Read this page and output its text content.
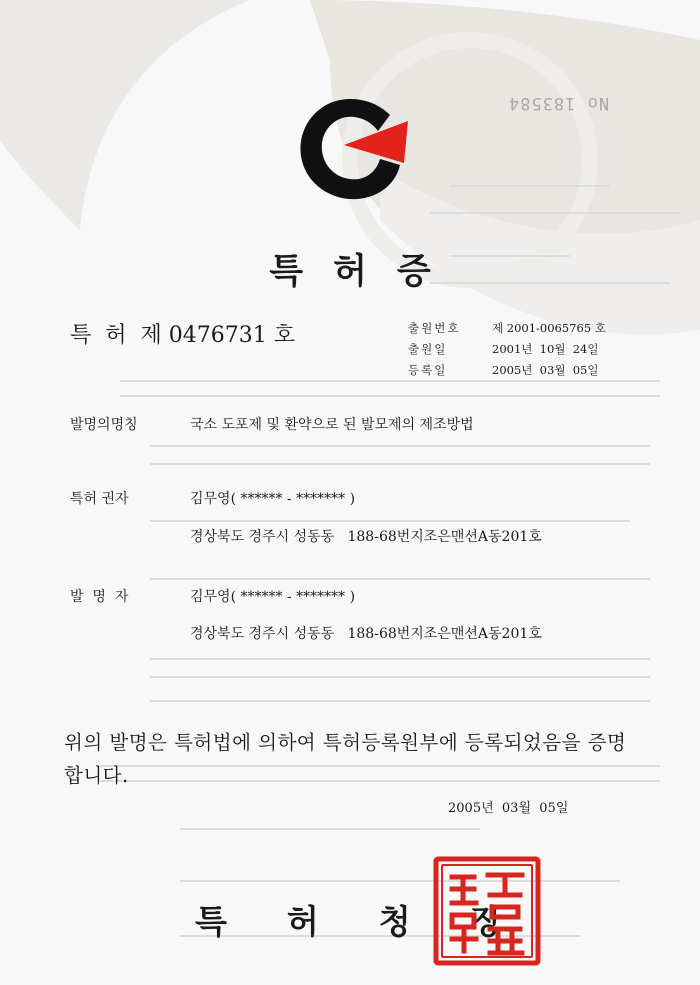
No 183584
특허증
특  허  제 0476731 호	출원번호	제 2001-0065765 호
출원일	2001년  10월  24일
등록일	2005년  03월  05일
발명의명칭	국소 도포제 및 환약으로 된 발모제의 제조방법
특허 권자	김무영( ****** - ******* )
경상북도 경주시 성동동   188-68번지조은맨션A동201호
발  명  자	김무영( ****** - ******* )
경상북도 경주시 성동동   188-68번지조은맨션A동201호
위의 발명은 특허법에 의하여 특허등록원부에 등록되었음을 증명합니다.
2005년  03월  05일
특허청장
